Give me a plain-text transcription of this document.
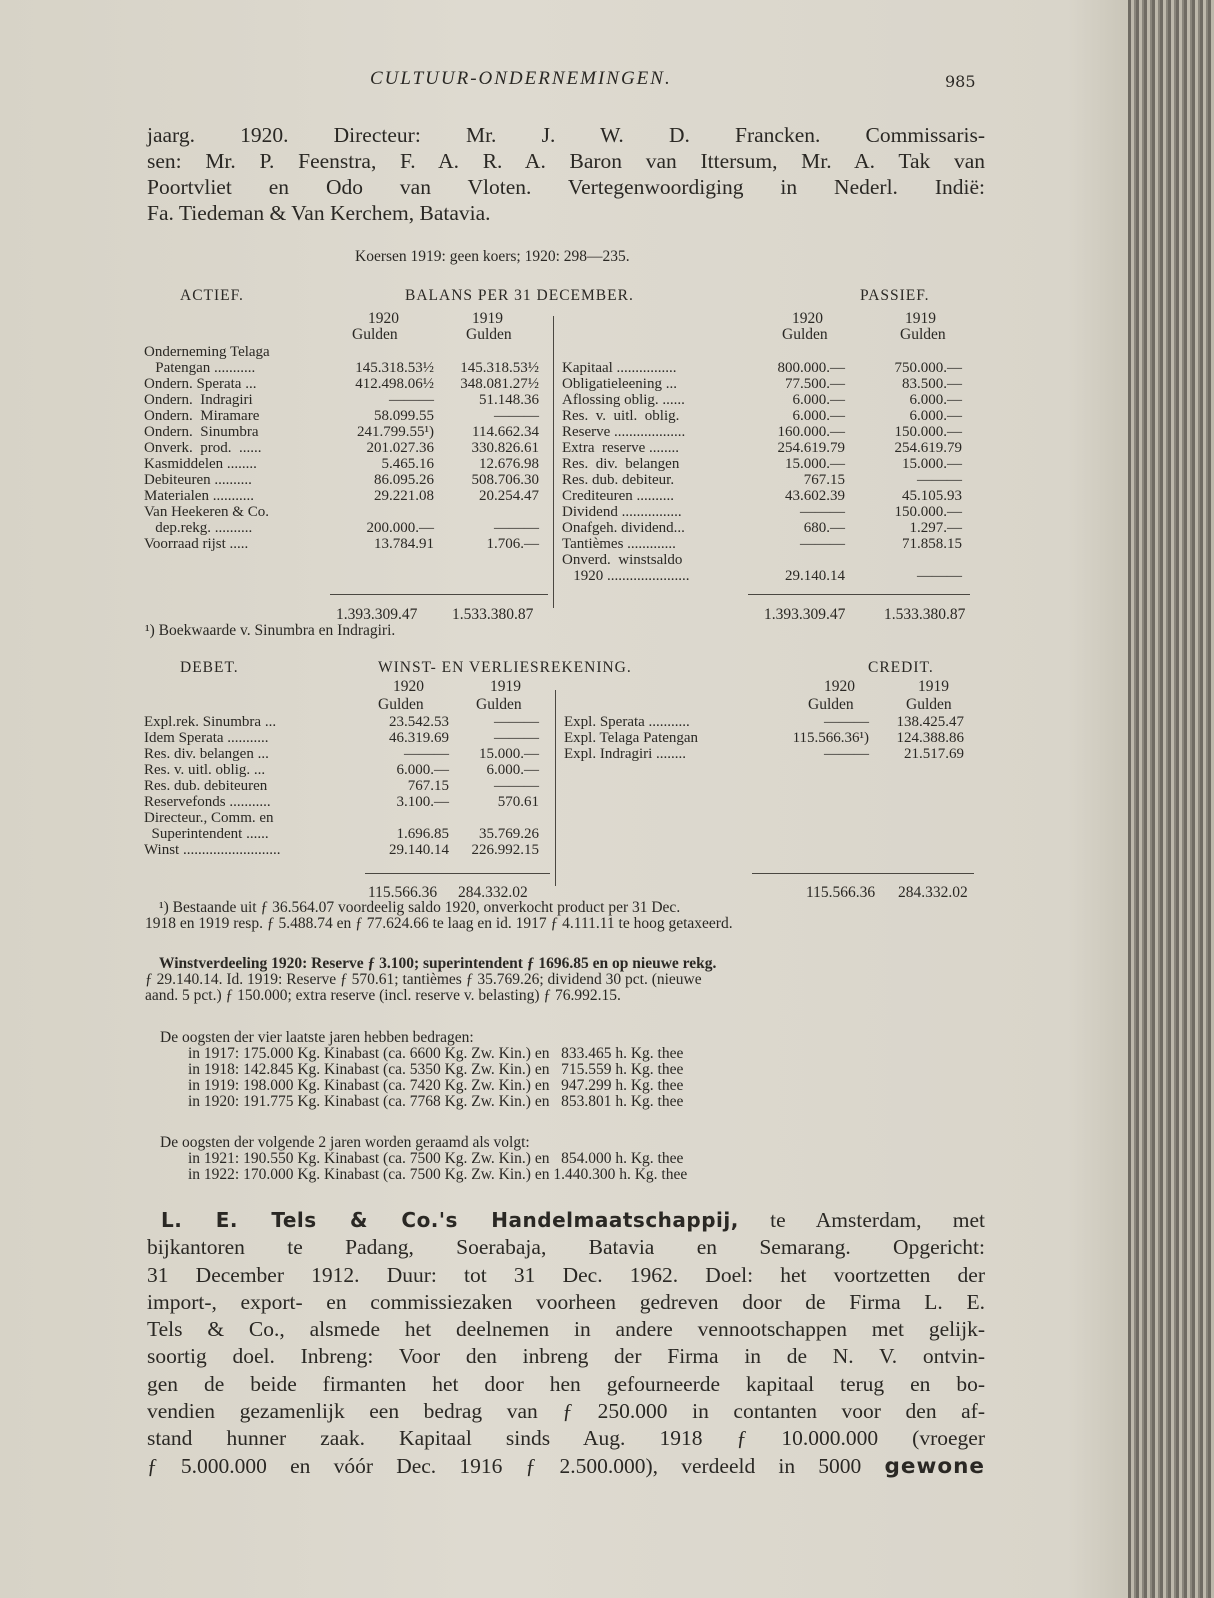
CULTUUR-ONDERNEMINGEN.	985
jaarg. 1920. Directeur: Mr. J. W. D. Francken. Commissaris-
sen: Mr. P. Feenstra, F. A. R. A. Baron van Ittersum, Mr. A. Tak van
Poortvliet en Odo van Vloten. Vertegenwoordiging in Nederl. Indië:
Fa. Tiedeman & Van Kerchem, Batavia.
Koersen 1919: geen koers; 1920: 298—235.
ACTIEF.	BALANS PER 31 DECEMBER.	PASSIEF.
1920	1919
Gulden	Gulden
1920	1919
Gulden	Gulden
Onderneming Telaga
Patengan ...........	145.318.53½ 145.318.53½
Ondern. Sperata ...	412.498.06½ 348.081.27½
Ondern.  Indragiri	———	51.148.36
Ondern.  Miramare	58.099.55	———
Ondern.  Sinumbra	241.799.55¹)	114.662.34
Onverk.  prod.  ......	201.027.36	330.826.61
Kasmiddelen ........	5.465.16	12.676.98
Debiteuren ..........	86.095.26	508.706.30
Materialen ...........	29.221.08	20.254.47
Van Heekeren & Co.
dep.rekg. ..........	200.000.—	———
Voorraad rijst .....	13.784.91	1.706.—
Kapitaal ................	800.000.—	750.000.—
Obligatieleening ...	77.500.—	83.500.—
Aflossing oblig. ......	6.000.—	6.000.—
Res.  v.  uitl.  oblig.	6.000.—	6.000.—
Reserve ...................	160.000.—	150.000.—
Extra  reserve ........	254.619.79	254.619.79
Res.  div.  belangen	15.000.—	15.000.—
Res. dub. debiteur.	767.15	———
Crediteuren ..........	43.602.39	45.105.93
Dividend ................	———	150.000.—
Onafgeh. dividend...	680.—	1.297.—
Tantièmes .............	———	71.858.15
Onverd.  winstsaldo
1920 ......................	29.140.14	———
1.393.309.47 1.533.380.87	1.393.309.47 1.533.380.87
¹) Boekwaarde v. Sinumbra en Indragiri.
DEBET.	WINST- EN VERLIESREKENING.	CREDIT.
1920	1919
Gulden	Gulden
1920	1919
Gulden	Gulden
Expl.rek. Sinumbra ...	23.542.53	———
Idem Sperata ...........	46.319.69	———
Res. div. belangen ...	——— 15.000.—
Res. v. uitl. oblig. ...	6.000.—	6.000.—
Res. dub. debiteuren	767.15	———
Reservefonds ...........	3.100.—	570.61
Directeur., Comm. en
Superintendent ......	1.696.85 35.769.26
Winst ..........................	29.140.14 226.992.15
Expl. Sperata ...........	——— 138.425.47
Expl. Telaga Patengan	115.566.36¹) 124.388.86
Expl. Indragiri ........	——— 21.517.69
115.566.36 284.332.02	115.566.36 284.332.02
¹) Bestaande uit ƒ 36.564.07 voordeelig saldo 1920, onverkocht product per 31 Dec.
1918 en 1919 resp. ƒ 5.488.74 en ƒ 77.624.66 te laag en id. 1917 ƒ 4.111.11 te hoog getaxeerd.
Winstverdeeling 1920: Reserve ƒ 3.100; superintendent ƒ 1696.85 en op nieuwe rekg.
ƒ 29.140.14. Id. 1919: Reserve ƒ 570.61; tantièmes ƒ 35.769.26; dividend 30 pct. (nieuwe
aand. 5 pct.) ƒ 150.000; extra reserve (incl. reserve v. belasting) ƒ 76.992.15.
De oogsten der vier laatste jaren hebben bedragen:
in 1917: 175.000 Kg. Kinabast (ca. 6600 Kg. Zw. Kin.) en   833.465 h. Kg. thee
in 1918: 142.845 Kg. Kinabast (ca. 5350 Kg. Zw. Kin.) en   715.559 h. Kg. thee
in 1919: 198.000 Kg. Kinabast (ca. 7420 Kg. Zw. Kin.) en   947.299 h. Kg. thee
in 1920: 191.775 Kg. Kinabast (ca. 7768 Kg. Zw. Kin.) en   853.801 h. Kg. thee
De oogsten der volgende 2 jaren worden geraamd als volgt:
in 1921: 190.550 Kg. Kinabast (ca. 7500 Kg. Zw. Kin.) en   854.000 h. Kg. thee
in 1922: 170.000 Kg. Kinabast (ca. 7500 Kg. Zw. Kin.) en 1.440.300 h. Kg. thee
L. E. Tels & Co.'s Handelmaatschappij, te Amsterdam, met
bijkantoren te Padang, Soerabaja, Batavia en Semarang. Opgericht:
31 December 1912. Duur: tot 31 Dec. 1962. Doel: het voortzetten der
import-, export- en commissiezaken voorheen gedreven door de Firma L. E.
Tels & Co., alsmede het deelnemen in andere vennootschappen met gelijk-
soortig doel. Inbreng: Voor den inbreng der Firma in de N. V. ontvin-
gen de beide firmanten het door hen gefourneerde kapitaal terug en bo-
vendien gezamenlijk een bedrag van ƒ 250.000 in contanten voor den af-
stand hunner zaak. Kapitaal sinds Aug. 1918 ƒ 10.000.000 (vroeger
ƒ 5.000.000 en vóór Dec. 1916 ƒ 2.500.000), verdeeld in 5000 gewone
